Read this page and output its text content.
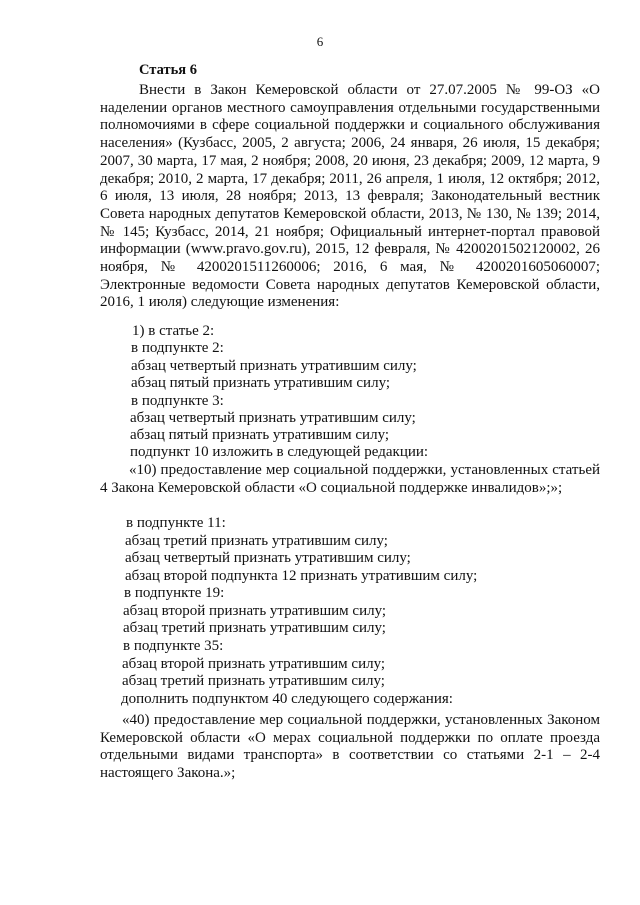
6

Статья 6

Внести в Закон Кемеровской области от 27.07.2005 № 99-ОЗ «О наделении органов местного самоуправления отдельными государственными полномочиями в сфере социальной поддержки и социального обслуживания населения» (Кузбасс, 2005, 2 августа; 2006, 24 января, 26 июля, 15 декабря; 2007, 30 марта, 17 мая, 2 ноября; 2008, 20 июня, 23 декабря; 2009, 12 марта, 9 декабря; 2010, 2 марта, 17 декабря; 2011, 26 апреля, 1 июля, 12 октября; 2012, 6 июля, 13 июля, 28 ноября; 2013, 13 февраля; Законодательный вестник Совета народных депутатов Кемеровской области, 2013, № 130, № 139; 2014, № 145; Кузбасс, 2014, 21 ноября; Официальный интернет-портал правовой информации (www.pravo.gov.ru), 2015, 12 февраля, № 4200201502120002, 26 ноября, № 4200201511260006; 2016, 6 мая, № 4200201605060007; Электронные ведомости Совета народных депутатов Кемеровской области, 2016, 1 июля) следующие изменения:

1) в статье 2:

в подпункте 2:

абзац четвертый признать утратившим силу;

абзац пятый признать утратившим силу;

в подпункте 3:

абзац четвертый признать утратившим силу;

абзац пятый признать утратившим силу;

подпункт 10 изложить в следующей редакции:

«10) предоставление мер социальной поддержки, установленных статьей 4 Закона Кемеровской области «О социальной поддержке инвалидов»;»;

в подпункте 11:

абзац третий признать утратившим силу;

абзац четвертый признать утратившим силу;

абзац второй подпункта 12 признать утратившим силу;

в подпункте 19:

абзац второй признать утратившим силу;

абзац третий признать утратившим силу;

в подпункте 35:

абзац второй признать утратившим силу;

абзац третий признать утратившим силу;

дополнить подпунктом 40 следующего содержания:

«40) предоставление мер социальной поддержки, установленных Законом Кемеровской области «О мерах социальной поддержки по оплате проезда отдельными видами транспорта» в соответствии со статьями 2-1 – 2-4 настоящего Закона.»;
